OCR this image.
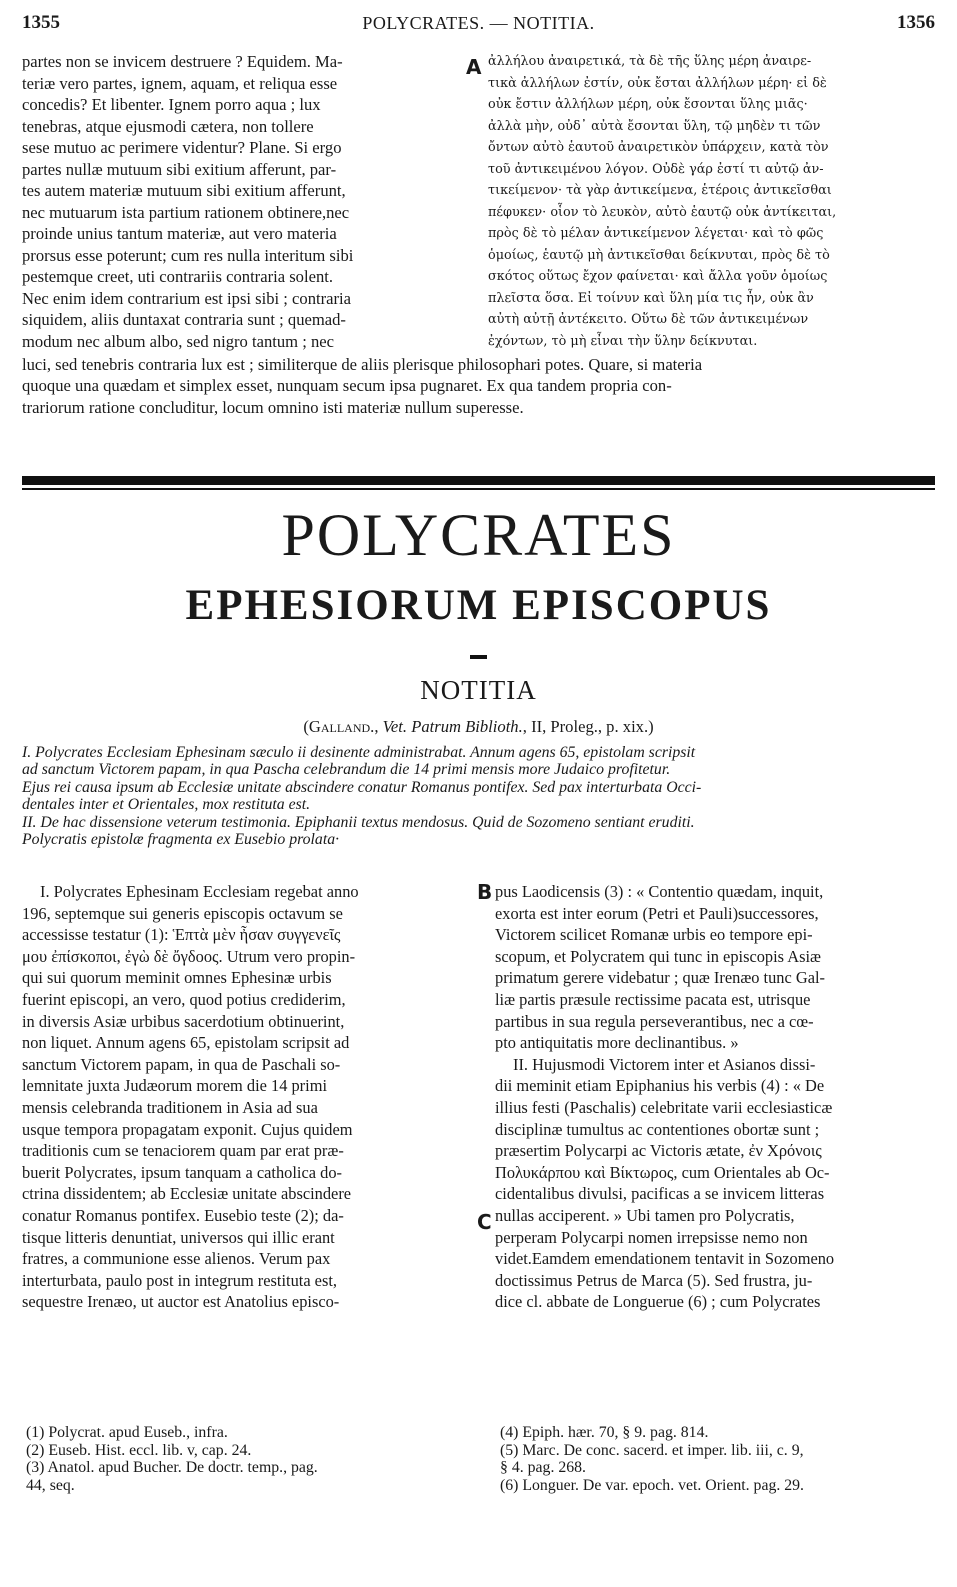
1355	POLYCRATES. — NOTITIA.	1356

partes non se invicem destruere ? Equidem. Ma-

teriæ vero partes, ignem, aquam, et reliqua esse

concedis? Et libenter. Ignem porro aqua ; lux

tenebras, atque ejusmodi cætera, non tollere

sese mutuo ac perimere videntur? Plane. Si ergo

partes nullæ mutuum sibi exitium afferunt, par-

tes autem materiæ mutuum sibi exitium afferunt,

nec mutuarum ista partium rationem obtinere,nec

proinde unius tantum materiæ, aut vero materia

prorsus esse poterunt; cum res nulla interitum sibi

pestemque creet, uti contrariis contraria solent.

Nec enim idem contrarium est ipsi sibi ; contraria

siquidem, aliis duntaxat contraria sunt ; quemad-

modum nec album albo, sed nigro tantum ; nec

A ἀλλήλου ἀναιρετικά, τὰ δὲ τῆς ὕλης μέρη ἀναιρε-

τικὰ ἀλλήλων ἐστίν, οὐκ ἔσται ἀλλήλων μέρη· εἰ δὲ

οὐκ ἔστιν ἀλλήλων μέρη, οὐκ ἔσονται ὕλης μιᾶς·

ἀλλὰ μὴν, οὐδ᾽ αὐτὰ ἔσονται ὕλη, τῷ μηδὲν τι τῶν

ὄντων αὐτὸ ἑαυτοῦ ἀναιρετικὸν ὑπάρχειν, κατὰ τὸν

τοῦ ἀντικειμένου λόγον. Οὐδὲ γάρ ἐστί τι αὐτῷ ἀν-

τικείμενον· τὰ γὰρ ἀντικείμενα, ἑτέροις ἀντικεῖσθαι

πέφυκεν· οἷον τὸ λευκὸν, αὐτὸ ἑαυτῷ οὐκ ἀντίκειται,

πρὸς δὲ τὸ μέλαν ἀντικείμενον λέγεται· καὶ τὸ φῶς

ὁμοίως, ἑαυτῷ μὴ ἀντικεῖσθαι δείκνυται, πρὸς δὲ τὸ

σκότος οὕτως ἔχον φαίνεται· καὶ ἄλλα γοῦν ὁμοίως

πλεῖστα ὅσα. Εἰ τοίνυν καὶ ὕλη μία τις ἦν, οὐκ ἂν

αὐτὴ αὐτῇ ἀντέκειτο. Οὕτω δὲ τῶν ἀντικειμένων

ἐχόντων, τὸ μὴ εἶναι τὴν ὕλην δείκνυται.

luci, sed tenebris contraria lux est ; similiterque de aliis plerisque philosophari potes. Quare, si materia
quoque una quædam et simplex esset, nunquam secum ipsa pugnaret. Ex qua tandem propria con-
trariorum ratione concluditur, locum omnino isti materiæ nullum superesse.
POLYCRATES
EPHESIORUM EPISCOPUS
NOTITIA
(Galland., Vet. Patrum Biblioth., II, Proleg., p. xix.)

I. Polycrates Ecclesiam Ephesinam sæculo ii desinente administrabat. Annum agens 65, epistolam scripsit

ad sanctum Victorem papam, in qua Pascha celebrandum die 14 primi mensis more Judaico profitetur.

Ejus rei causa ipsum ab Ecclesiæ unitate abscindere conatur Romanus pontifex. Sed pax interturbata Occi-

dentales inter et Orientales, mox restituta est.

II. De hac dissensione veterum testimonia. Epiphanii textus mendosus. Quid de Sozomeno sentiant eruditi.

Polycratis epistolæ fragmenta ex Eusebio prolata·

I. Polycrates Ephesinam Ecclesiam regebat anno

196, septemque sui generis episcopis octavum se

accessisse testatur (1): Ἑπτὰ μὲν ἦσαν συγγενεῖς

μου ἐπίσκοποι, ἐγὼ δὲ ὄγδοος. Utrum vero propin-

qui sui quorum meminit omnes Ephesinæ urbis

fuerint episcopi, an vero, quod potius crediderim,

in diversis Asiæ urbibus sacerdotium obtinuerint,

non liquet. Annum agens 65, epistolam scripsit ad

sanctum Victorem papam, in qua de Paschali so-

lemnitate juxta Judæorum morem die 14 primi

mensis celebranda traditionem in Asia ad sua

usque tempora propagatam exponit. Cujus quidem

traditionis cum se tenaciorem quam par erat præ-

buerit Polycrates, ipsum tanquam a catholica do-

ctrina dissidentem; ab Ecclesiæ unitate abscindere

conatur Romanus pontifex. Eusebio teste (2); da-

tisque litteris denuntiat, universos qui illic erant

fratres, a communione esse alienos. Verum pax

interturbata, paulo post in integrum restituta est,

sequestre Irenæo, ut auctor est Anatolius episco-

B
C

pus Laodicensis (3) : « Contentio quædam, inquit,

exorta est inter eorum (Petri et Pauli)successores,

Victorem scilicet Romanæ urbis eo tempore epi-

scopum, et Polycratem qui tunc in episcopis Asiæ

primatum gerere videbatur ; quæ Irenæo tunc Gal-

liæ partis præsule rectissime pacata est, utrisque

partibus in sua regula perseverantibus, nec a cœ-

pto antiquitatis more declinantibus. »

II. Hujusmodi Victorem inter et Asianos dissi-

dii meminit etiam Epiphanius his verbis (4) : « De

illius festi (Paschalis) celebritate varii ecclesiasticæ

disciplinæ tumultus ac contentiones obortæ sunt ;

præsertim Polycarpi ac Victoris ætate, ἐν Χρόνοις

Πολυκάρπου καὶ Βίκτωρος, cum Orientales ab Oc-

cidentalibus divulsi, pacificas a se invicem litteras

nullas acciperent. » Ubi tamen pro Polycratis,

perperam Polycarpi nomen irrepsisse nemo non

videt.Eamdem emendationem tentavit in Sozomeno

doctissimus Petrus de Marca (5). Sed frustra, ju-

dice cl. abbate de Longuerue (6) ; cum Polycrates

(1) Polycrat. apud Euseb., infra.

(2) Euseb. Hist. eccl. lib. v, cap. 24.

(3) Anatol. apud Bucher. De doctr. temp., pag.

44, seq.

(4) Epiph. hær. 70, § 9. pag. 814.

(5) Marc. De conc. sacerd. et imper. lib. iii, c. 9,

§ 4. pag. 268.

(6) Longuer. De var. epoch. vet. Orient. pag. 29.
